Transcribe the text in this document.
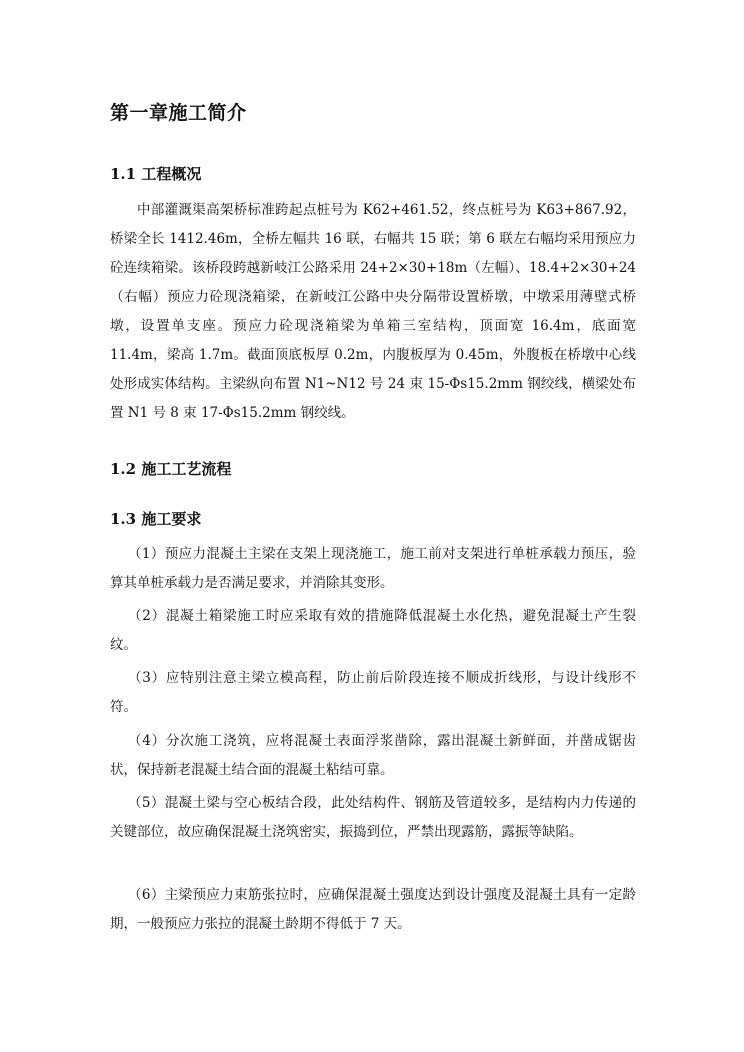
第一章施工简介
1.1 工程概况

中部灌溉渠高架桥标准跨起点桩号为 K62+461.52，终点桩号为 K63+867.92，桥梁全长 1412.46m，全桥左幅共 16 联，右幅共 15 联；第 6 联左右幅均采用预应力砼连续箱梁。该桥段跨越新岐江公路采用 24+2×30+18m（左幅）、18.4+2×30+24（右幅）预应力砼现浇箱梁，在新岐江公路中央分隔带设置桥墩，中墩采用薄壁式桥墩，设置单支座。预应力砼现浇箱梁为单箱三室结构，顶面宽 16.4m，底面宽 11.4m，梁高 1.7m。截面顶底板厚 0.2m，内腹板厚为 0.45m，外腹板在桥墩中心线处形成实体结构。主梁纵向布置 N1~N12 号 24 束 15-Φs15.2mm 钢绞线，横梁处布置 N1 号 8 束 17-Φs15.2mm 钢绞线。

1.2 施工工艺流程
1.3 施工要求

（1）预应力混凝土主梁在支架上现浇施工，施工前对支架进行单桩承载力预压，验算其单桩承载力是否满足要求，并消除其变形。

（2）混凝土箱梁施工时应采取有效的措施降低混凝土水化热，避免混凝土产生裂纹。

（3）应特别注意主梁立模高程，防止前后阶段连接不顺成折线形，与设计线形不符。

（4）分次施工浇筑，应将混凝土表面浮浆凿除，露出混凝土新鲜面，并凿成锯齿状，保持新老混凝土结合面的混凝土粘结可靠。

（5）混凝土梁与空心板结合段，此处结构件、钢筋及管道较多，是结构内力传递的关键部位，故应确保混凝土浇筑密实，振捣到位，严禁出现露筋，露振等缺陷。

（6）主梁预应力束筋张拉时，应确保混凝土强度达到设计强度及混凝土具有一定龄期，一般预应力张拉的混凝土龄期不得低于 7 天。
